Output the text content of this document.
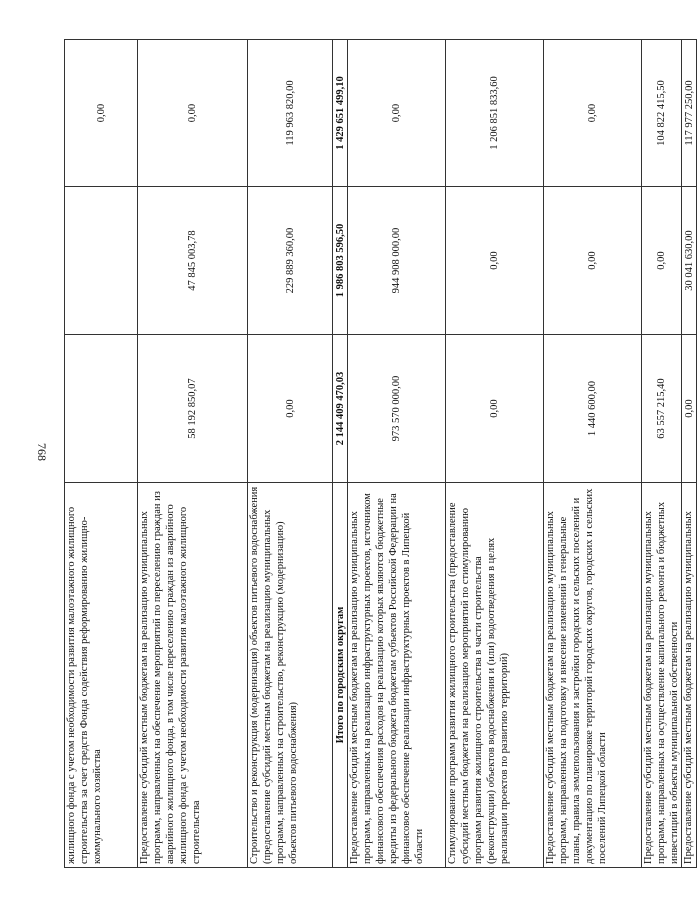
768
жилищного фонда с учетом необходимости развития малоэтажного жилищного строительства за счет средств Фонда содействия реформированию жилищно-коммунального хозяйства			0,00
Предоставление субсидий местным бюджетам на реализацию муниципальных программ, направленных на обеспечение мероприятий по переселению граждан из аварийного жилищного фонда, в том числе переселению граждан из аварийного жилищного фонда с учетом необходимости развития малоэтажного жилищного строительства	58 192 850,07	47 845 003,78	0,00
Строительство и реконструкция (модернизация) объектов питьевого водоснабжения (предоставление субсидий местным бюджетам на реализацию муниципальных программ, направленных на строительство, реконструкцию (модернизацию) объектов питьевого водоснабжения)	0,00	229 889 360,00	119 963 820,00
Итого по городским округам	2 144 409 470,03	1 986 803 596,50	1 429 651 499,10
Предоставление субсидий местным бюджетам на реализацию муниципальных программ, направленных на реализацию инфраструктурных проектов, источником финансового обеспечения расходов на реализацию которых являются бюджетные кредиты из федерального бюджета бюджетам субъектов Российской Федерации на финансовое обеспечение реализации инфраструктурных проектов в Липецкой области	973 570 000,00	944 908 000,00	0,00
Стимулирование программ развития жилищного строительства (предоставление субсидий местным бюджетам на реализацию мероприятий по стимулированию программ развития жилищного строительства в части строительства (реконструкции) объектов водоснабжения и (или) водоотведения в целях реализации проектов по развитию территорий)	0,00	0,00	1 206 851 833,60
Предоставление субсидий местным бюджетам на реализацию муниципальных программ, направленных на подготовку и внесение изменений в генеральные планы, правила землепользования и застройки городских и сельских поселений и документацию по планировке территорий городских округов, городских и сельских поселений Липецкой области	1 440 600,00	0,00	0,00
Предоставление субсидий местным бюджетам на реализацию муниципальных программ, направленных на осуществление капитального ремонта и бюджетных инвестиций в объекты муниципальной собственности	63 557 215,40	0,00	104 822 415,50
Предоставление субсидий местным бюджетам на реализацию муниципальных	0,00	30 041 630,00	117 977 250,00
